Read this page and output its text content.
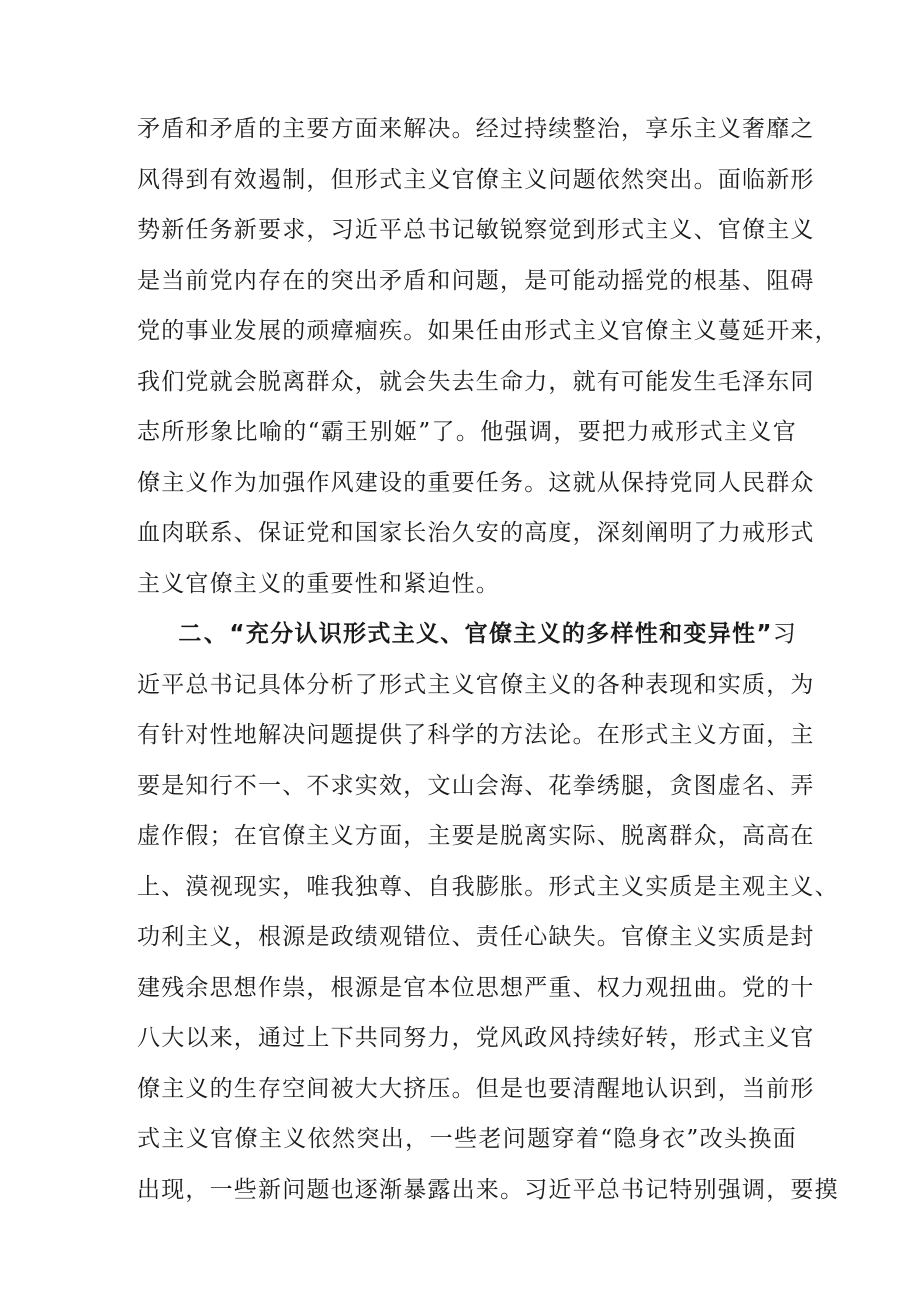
矛盾和矛盾的主要方面来解决。经过持续整治，享乐主义奢靡之
风得到有效遏制，但形式主义官僚主义问题依然突出。面临新形
势新任务新要求，习近平总书记敏锐察觉到形式主义、官僚主义
是当前党内存在的突出矛盾和问题，是可能动摇党的根基、阻碍
党的事业发展的顽瘴痼疾。如果任由形式主义官僚主义蔓延开来，
我们党就会脱离群众，就会失去生命力，就有可能发生毛泽东同
志所形象比喻的“霸王别姬”了。他强调，要把力戒形式主义官
僚主义作为加强作风建设的重要任务。这就从保持党同人民群众
血肉联系、保证党和国家长治久安的高度，深刻阐明了力戒形式
主义官僚主义的重要性和紧迫性。
二、“充分认识形式主义、官僚主义的多样性和变异性”习
近平总书记具体分析了形式主义官僚主义的各种表现和实质，为
有针对性地解决问题提供了科学的方法论。在形式主义方面，主
要是知行不一、不求实效，文山会海、花拳绣腿，贪图虚名、弄
虚作假；在官僚主义方面，主要是脱离实际、脱离群众，高高在
上、漠视现实，唯我独尊、自我膨胀。形式主义实质是主观主义、
功利主义，根源是政绩观错位、责任心缺失。官僚主义实质是封
建残余思想作祟，根源是官本位思想严重、权力观扭曲。党的十
八大以来，通过上下共同努力，党风政风持续好转，形式主义官
僚主义的生存空间被大大挤压。但是也要清醒地认识到，当前形
式主义官僚主义依然突出，一些老问题穿着“隐身衣”改头换面
出现，一些新问题也逐渐暴露出来。习近平总书记特别强调，要摸
